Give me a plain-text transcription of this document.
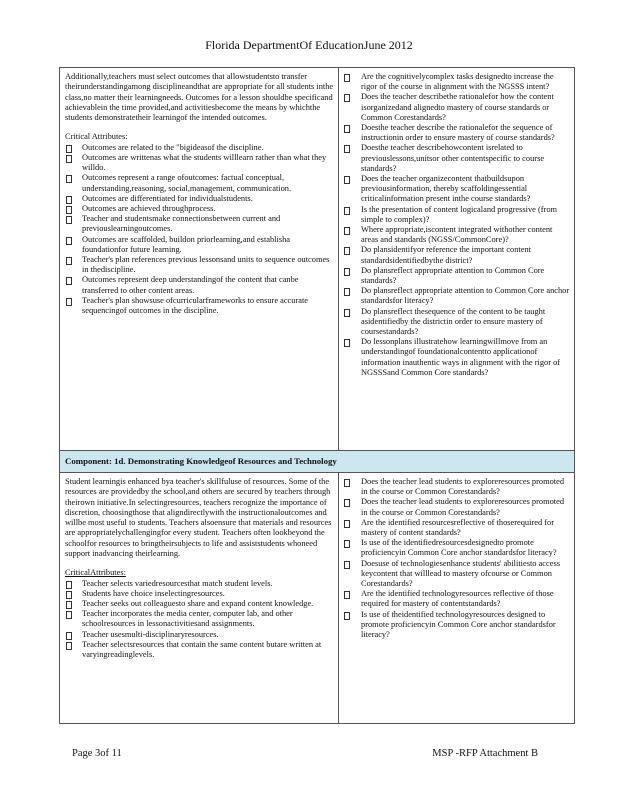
Florida DepartmentOf EducationJune 2012

Additionally,teachers must select outcomes that allowstudentsto transfer theirunderstandingamong disciplineandthat are appropriate for all students inthe class,no matter their learningneeds. Outcomes for a lesson shouldbe specificand achievablein the time provided,and activitiesbecome the means by whichthe students demonstratetheir learningof the intended outcomes.

Critical Attributes:

Outcomes are related to the "bigideasof the discipline.
Outcomes are writtenas what the students willlearn rather than what they willdo.
Outcomes represent a range ofoutcomes: factual conceptual, understanding,reasoning, social,management, communication.
Outcomes are differentiated for individualstudents.
Outcomes are achieved throughprocess.
Teacher and studentsmake connectionsbetween current and previouslearningoutcomes.
Outcomes are scaffolded, buildon priorlearning,and establisha foundationfor future learning.
Teacher's plan references previous lessonsand units to sequence outcomes in thediscipline.
Outcomes represent deep understandingof the content that canbe transferred to other content areas.
Teacher's plan showsuse ofcurricularframeworks to ensure accurate sequencingof outcomes in the discipline.
Are the cognitivelycomplex tasks designedto increase the rigor of the course in alignment with the NGSSS intent?
Does the teacher describethe rationalefor how the content isorganizedand alignedto mastery of course standards or Common Corestandards?
Doesthe teacher describe the rationalefor the sequence of instructionin order to ensure mastery of course standards?
Doesthe teacher describehowcontent isrelated to previouslessons,unitsor other contentspecific to course standards?
Does the teacher organizecontent thatbuildsupon previousinformation, thereby scaffoldingessential criticalinformation present inthe course standards?
Is the presentation of content logicaland progressive (from simple to complex)?
Where appropriate,iscontent integrated withother content areas and standards (NGSS/CommonCore)?
Do plansidentifyor reference the important content standardsidentifiedbythe district?
Do plansreflect appropriate attention to Common Core standards?
Do plansreflect appropriate attention to Common Core anchor standardsfor literacy?
Do plansreflect thesequence of the content to be taught asidentifiedby the districtin order to ensure mastery of coursestandards?
Do lessonplans illustratehow learningwillmove from an understandingof foundationalcontentto applicationof information inauthentic ways in alignment with the rigor of NGSSSand Common Core standards?
Component: 1d. Demonstrating Knowledgeof Resources and Technology

Student learningis enhanced bya teacher's skillfuluse of resources. Some of the resources are providedby the school,and others are secured by teachers through theirown initiative.In selectingresources, teachers recognize the importance of discretion, choosingthose that aligndirectlywith the instructionaloutcomes and willbe most useful to students. Teachers alsoensure that materials and resources are appropriatelychallengingfor every student. Teachers often lookbeyond the schoolfor resources to bringtheirsubjects to life and assiststudents whoneed support inadvancing theirlearning.

CriticalAttributes:

Teacher selects variedresourcesthat match student levels.
Students have choice inselectingresources.
Teacher seeks out colleaguesto share and expand content knowledge.
Teacher incorporates the media center, computer lab, and other schoolresources in lessonactivitiesand assignments.
Teacher usesmulti-disciplinaryresources.
Teacher selectsresources that contain the same content butare written at varyingreadinglevels.
Does the teacher lead students to exploreresources promoted in the course or Common Corestandards?
Does the teacher lead students to exploreresources promoted in the course or Common Corestandards?
Are the identified resourcesreflective of thoserequired for mastery of content standards?
Is use of the identifiedresourcesdesignedto promote proficiencyin Common Core anchor standardsfor literacy?
Doesuse of technologiesenhance students' abilitiesto access keycontent that willlead to mastery ofcourse or Common Corestandards?
Are the identified technologyresources reflective of those required for mastery of contentstandards?
Is use of theidentified technologyresources designed to promote proficiencyin Common Core anchor standardsfor literacy?
Page 3of 11	MSP -RFP Attachment B
